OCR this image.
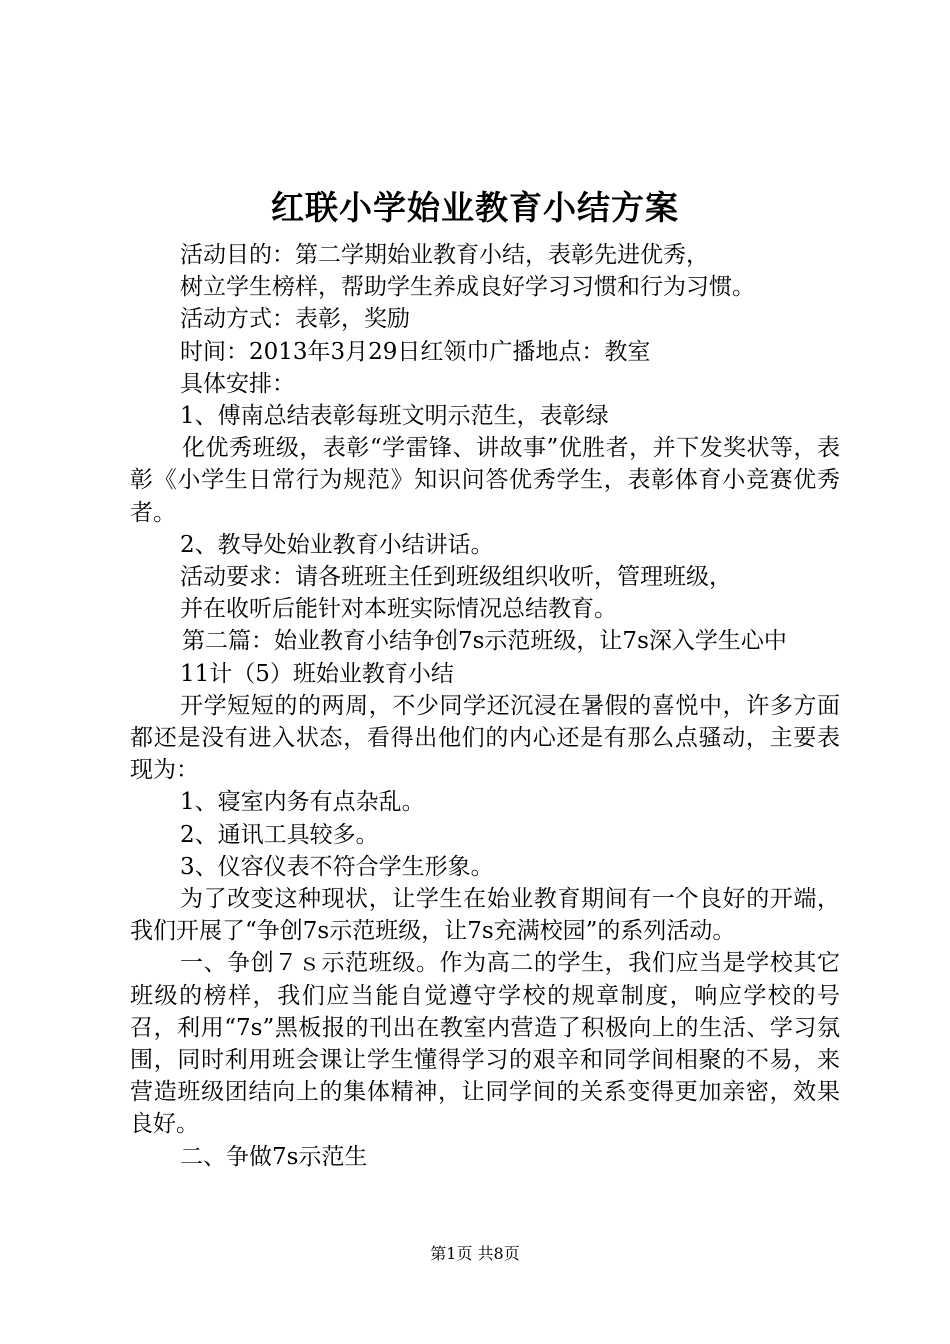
红联小学始业教育小结方案

活动目的：第二学期始业教育小结，表彰先进优秀，

树立学生榜样，帮助学生养成良好学习习惯和行为习惯。

活动方式：表彰，奖励

时间：2013年3月29日红领巾广播地点：教室

具体安排：

1、傅南总结表彰每班文明示范生，表彰绿

化优秀班级，表彰“学雷锋、讲故事”优胜者，并下发奖状等，表彰《小学生日常行为规范》知识问答优秀学生，表彰体育小竞赛优秀者。

2、教导处始业教育小结讲话。

活动要求：请各班班主任到班级组织收听，管理班级，

并在收听后能针对本班实际情况总结教育。

第二篇：始业教育小结争创7s示范班级，让7s深入学生心中

11计（5）班始业教育小结

开学短短的的两周，不少同学还沉浸在暑假的喜悦中，许多方面都还是没有进入状态，看得出他们的内心还是有那么点骚动，主要表现为：

1、寝室内务有点杂乱。

2、通讯工具较多。

3、仪容仪表不符合学生形象。

为了改变这种现状，让学生在始业教育期间有一个良好的开端，我们开展了“争创7s示范班级，让7s充满校园”的系列活动。

一、争创７ｓ示范班级。作为高二的学生，我们应当是学校其它班级的榜样，我们应当能自觉遵守学校的规章制度，响应学校的号召，利用“7s”黑板报的刊出在教室内营造了积极向上的生活、学习氛围，同时利用班会课让学生懂得学习的艰辛和同学间相聚的不易，来营造班级团结向上的集体精神，让同学间的关系变得更加亲密，效果良好。

二、争做7s示范生

第1页 共8页
